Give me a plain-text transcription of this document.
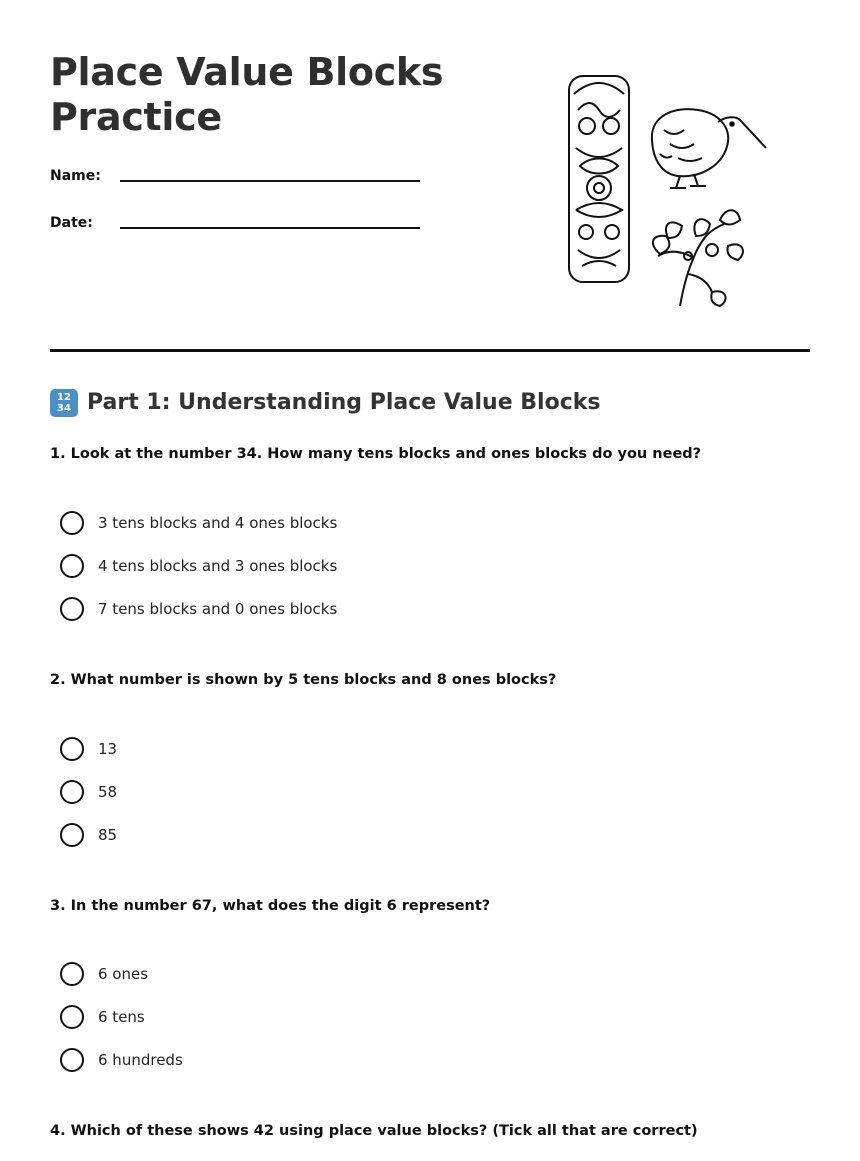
Place Value Blocks
Practice
Name:
Date:
12
34 Part 1: Understanding Place Value Blocks

1. Look at the number 34. How many tens blocks and ones blocks do you need?

3 tens blocks and 4 ones blocks
4 tens blocks and 3 ones blocks
7 tens blocks and 0 ones blocks

2. What number is shown by 5 tens blocks and 8 ones blocks?

13
58
85

3. In the number 67, what does the digit 6 represent?

6 ones
6 tens
6 hundreds

4. Which of these shows 42 using place value blocks? (Tick all that are correct)
